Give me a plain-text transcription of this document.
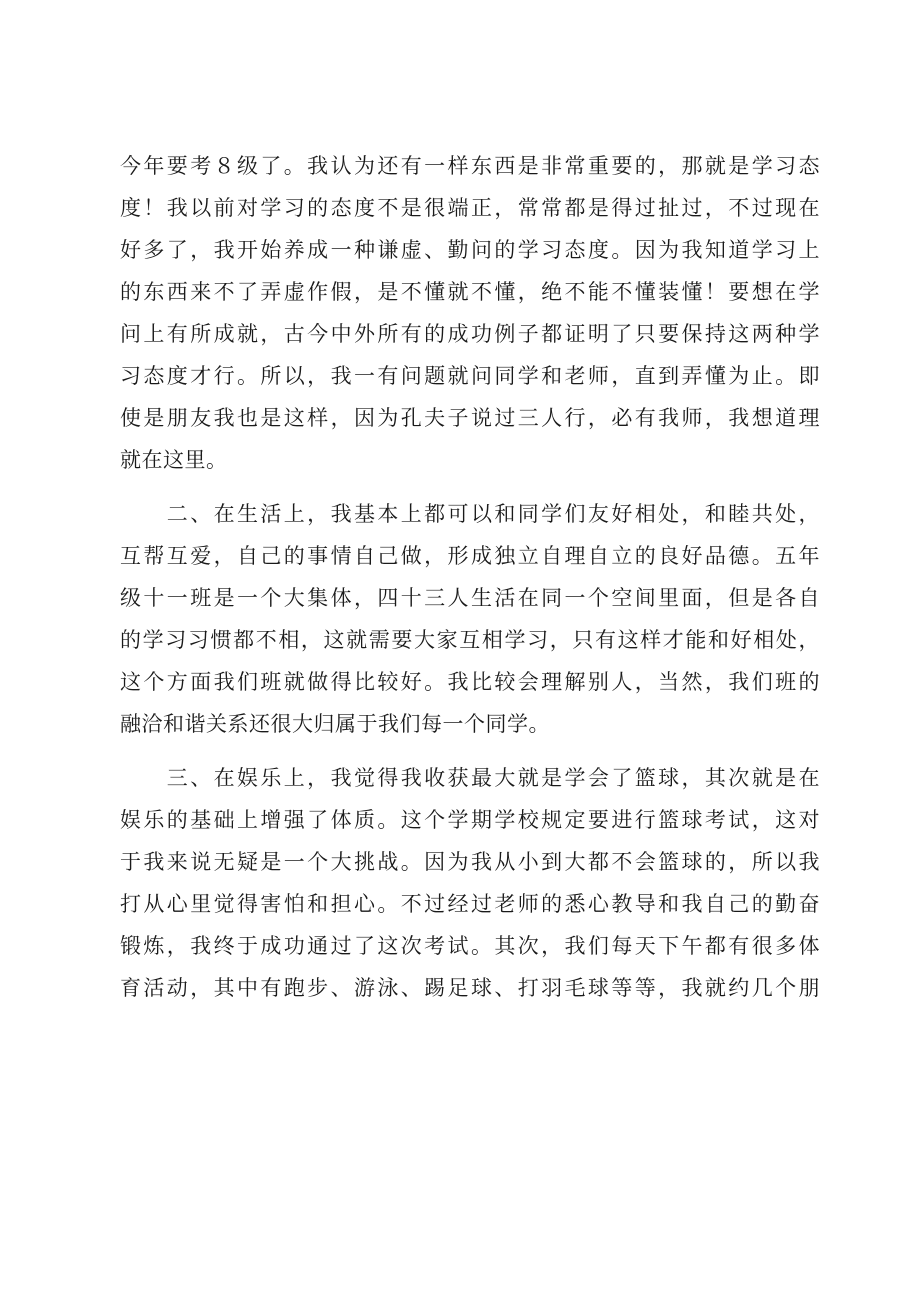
今年要考８级了。我认为还有一样东西是非常重要的，那就是学习态
度！我以前对学习的态度不是很端正，常常都是得过扯过，不过现在
好多了，我开始养成一种谦虚、勤问的学习态度。因为我知道学习上
的东西来不了弄虚作假，是不懂就不懂，绝不能不懂装懂！要想在学
问上有所成就，古今中外所有的成功例子都证明了只要保持这两种学
习态度才行。所以，我一有问题就问同学和老师，直到弄懂为止。即
使是朋友我也是这样，因为孔夫子说过三人行，必有我师，我想道理
就在这里。

　　二、在生活上，我基本上都可以和同学们友好相处，和睦共处，
互帮互爱，自己的事情自己做，形成独立自理自立的良好品德。五年
级十一班是一个大集体，四十三人生活在同一个空间里面，但是各自
的学习习惯都不相，这就需要大家互相学习，只有这样才能和好相处，
这个方面我们班就做得比较好。我比较会理解别人，当然，我们班的
融洽和谐关系还很大归属于我们每一个同学。

　　三、在娱乐上，我觉得我收获最大就是学会了篮球，其次就是在
娱乐的基础上增强了体质。这个学期学校规定要进行篮球考试，这对
于我来说无疑是一个大挑战。因为我从小到大都不会篮球的，所以我
打从心里觉得害怕和担心。不过经过老师的悉心教导和我自己的勤奋
锻炼，我终于成功通过了这次考试。其次，我们每天下午都有很多体
育活动，其中有跑步、游泳、踢足球、打羽毛球等等，我就约几个朋
